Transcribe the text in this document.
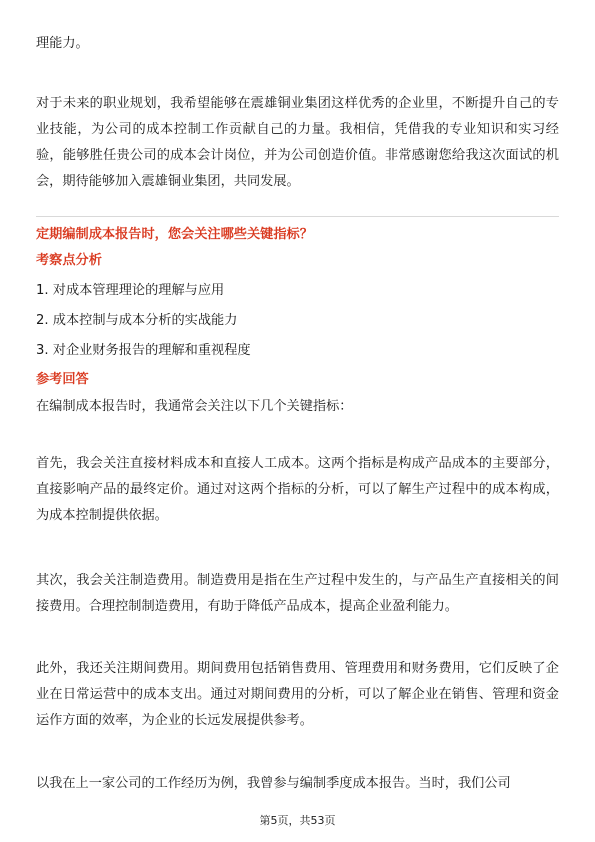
理能力。

对于未来的职业规划，我希望能够在震雄铜业集团这样优秀的企业里，不断提升自己的专业技能，为公司的成本控制工作贡献自己的力量。我相信，凭借我的专业知识和实习经验，能够胜任贵公司的成本会计岗位，并为公司创造价值。非常感谢您给我这次面试的机会，期待能够加入震雄铜业集团，共同发展。

定期编制成本报告时，您会关注哪些关键指标？

考察点分析

1. 对成本管理理论的理解与应用
2. 成本控制与成本分析的实战能力
3. 对企业财务报告的理解和重视程度

参考回答

在编制成本报告时，我通常会关注以下几个关键指标：

首先，我会关注直接材料成本和直接人工成本。这两个指标是构成产品成本的主要部分，直接影响产品的最终定价。通过对这两个指标的分析，可以了解生产过程中的成本构成，为成本控制提供依据。

其次，我会关注制造费用。制造费用是指在生产过程中发生的，与产品生产直接相关的间接费用。合理控制制造费用，有助于降低产品成本，提高企业盈利能力。

此外，我还关注期间费用。期间费用包括销售费用、管理费用和财务费用，它们反映了企业在日常运营中的成本支出。通过对期间费用的分析，可以了解企业在销售、管理和资金运作方面的效率，为企业的长远发展提供参考。

以我在上一家公司的工作经历为例，我曾参与编制季度成本报告。当时，我们公司

第5页，共53页
